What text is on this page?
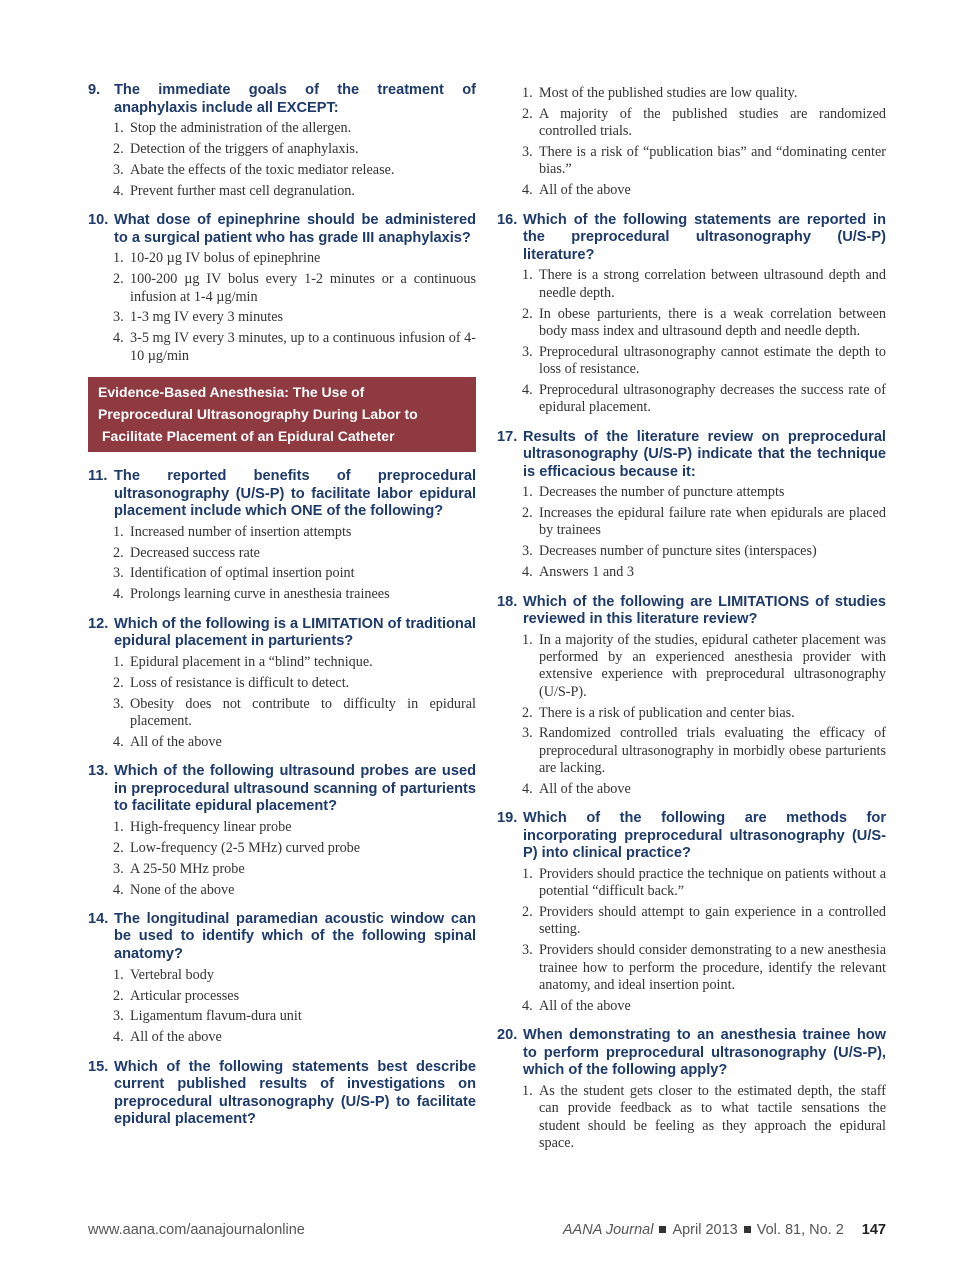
9. The immediate goals of the treatment of anaphylaxis include all EXCEPT:
1. Stop the administration of the allergen.
2. Detection of the triggers of anaphylaxis.
3. Abate the effects of the toxic mediator release.
4. Prevent further mast cell degranulation.
10. What dose of epinephrine should be administered to a surgical patient who has grade III anaphylaxis?
1. 10-20 µg IV bolus of epinephrine
2. 100-200 µg IV bolus every 1-2 minutes or a continuous infusion at 1-4 µg/min
3. 1-3 mg IV every 3 minutes
4. 3-5 mg IV every 3 minutes, up to a continuous infusion of 4-10 µg/min
Evidence-Based Anesthesia: The Use of
Preprocedural Ultrasonography During Labor to
Facilitate Placement of an Epidural Catheter
11. The reported benefits of preprocedural ultrasonography (U/S-P) to facilitate labor epidural placement include which ONE of the following?
1. Increased number of insertion attempts
2. Decreased success rate
3. Identification of optimal insertion point
4. Prolongs learning curve in anesthesia trainees
12. Which of the following is a LIMITATION of traditional epidural placement in parturients?
1. Epidural placement in a “blind” technique.
2. Loss of resistance is difficult to detect.
3. Obesity does not contribute to difficulty in epidural placement.
4. All of the above
13. Which of the following ultrasound probes are used in preprocedural ultrasound scanning of parturients to facilitate epidural placement?
1. High-frequency linear probe
2. Low-frequency (2-5 MHz) curved probe
3. A 25-50 MHz probe
4. None of the above
14. The longitudinal paramedian acoustic window can be used to identify which of the following spinal anatomy?
1. Vertebral body
2. Articular processes
3. Ligamentum flavum-dura unit
4. All of the above
15. Which of the following statements best describe current published results of investigations on preprocedural ultrasonography (U/S-P) to facilitate epidural placement?
1. Most of the published studies are low quality.
2. A majority of the published studies are randomized controlled trials.
3. There is a risk of “publication bias” and “dominating center bias.”
4. All of the above
16. Which of the following statements are reported in the preprocedural ultrasonography (U/S-P) literature?
1. There is a strong correlation between ultrasound depth and needle depth.
2. In obese parturients, there is a weak correlation between body mass index and ultrasound depth and needle depth.
3. Preprocedural ultrasonography cannot estimate the depth to loss of resistance.
4. Preprocedural ultrasonography decreases the success rate of epidural placement.
17. Results of the literature review on preprocedural ultrasonography (U/S-P) indicate that the technique is efficacious because it:
1. Decreases the number of puncture attempts
2. Increases the epidural failure rate when epidurals are placed by trainees
3. Decreases number of puncture sites (interspaces)
4. Answers 1 and 3
18. Which of the following are LIMITATIONS of studies reviewed in this literature review?
1. In a majority of the studies, epidural catheter placement was performed by an experienced anesthesia provider with extensive experience with preprocedural ultrasonography (U/S-P).
2. There is a risk of publication and center bias.
3. Randomized controlled trials evaluating the efficacy of preprocedural ultrasonography in morbidly obese parturients are lacking.
4. All of the above
19. Which of the following are methods for incorporating preprocedural ultrasonography (U/S-P) into clinical practice?
1. Providers should practice the technique on patients without a potential “difficult back.”
2. Providers should attempt to gain experience in a controlled setting.
3. Providers should consider demonstrating to a new anesthesia trainee how to perform the procedure, identify the relevant anatomy, and ideal insertion point.
4. All of the above
20. When demonstrating to an anesthesia trainee how to perform preprocedural ultrasonography (U/S-P), which of the following apply?
1. As the student gets closer to the estimated depth, the staff can provide feedback as to what tactile sensations the student should be feeling as they approach the epidural space.
www.aana.com/aanajournalonline	AANA Journal April 2013 Vol. 81, No. 2 147
